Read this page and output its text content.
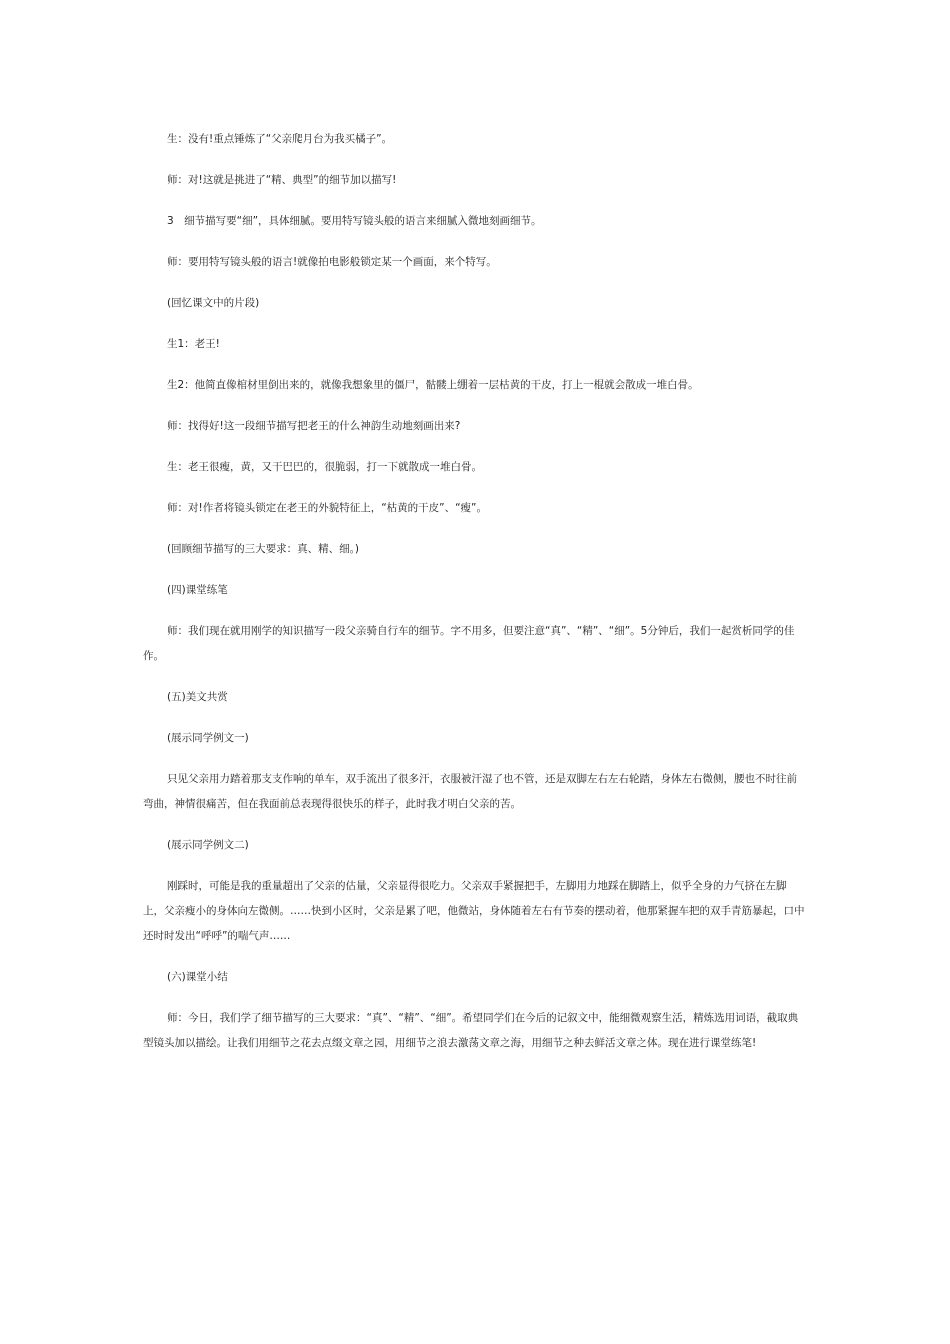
生：没有!重点锤炼了“父亲爬月台为我买橘子”。

师：对!这就是挑进了“精、典型”的细节加以描写!

3　细节描写要“细”，具体细腻。要用特写镜头般的语言来细腻入微地刻画细节。

师：要用特写镜头般的语言!就像拍电影般锁定某一个画面，来个特写。

(回忆课文中的片段)

生1：老王!

生2：他简直像棺材里倒出来的，就像我想象里的僵尸，骷髅上绷着一层枯黄的干皮，打上一棍就会散成一堆白骨。

师：找得好!这一段细节描写把老王的什么神韵生动地刻画出来?

生：老王很瘦，黄，又干巴巴的，很脆弱，打一下就散成一堆白骨。

师：对!作者将镜头锁定在老王的外貌特征上，“枯黄的干皮”、“瘦”。

(回顾细节描写的三大要求：真、精、细。)

(四)课堂练笔

师：我们现在就用刚学的知识描写一段父亲骑自行车的细节。字不用多，但要注意“真”、“精”、“细”。5分钟后，我们一起赏析同学的佳作。

(五)美文共赏

(展示同学例文一)

只见父亲用力踏着那支支作响的单车，双手流出了很多汗，衣服被汗湿了也不管，还是双脚左右左右轮踏，身体左右微侧，腰也不时往前弯曲，神情很痛苦，但在我面前总表现得很快乐的样子，此时我才明白父亲的苦。

(展示同学例文二)

刚踩时，可能是我的重量超出了父亲的估量，父亲显得很吃力。父亲双手紧握把手，左脚用力地踩在脚踏上，似乎全身的力气挤在左脚上，父亲瘦小的身体向左微侧。……快到小区时，父亲是累了吧，他微站，身体随着左右有节奏的摆动着，他那紧握车把的双手青筋暴起，口中还时时发出“呼呼”的喘气声……

(六)课堂小结

师：今日，我们学了细节描写的三大要求：“真”、“精”、“细”。希望同学们在今后的记叙文中，能细微观察生活，精炼选用词语，截取典型镜头加以描绘。让我们用细节之花去点缀文章之园，用细节之浪去激荡文章之海，用细节之种去鲜活文章之体。现在进行课堂练笔!
